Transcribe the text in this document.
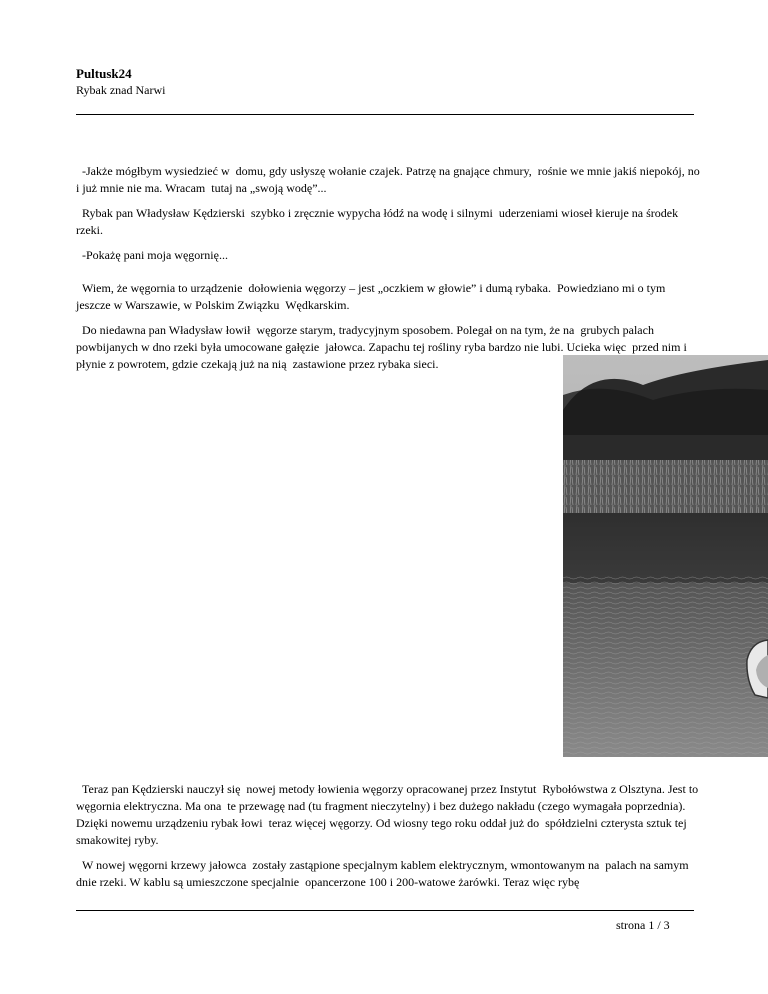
Pultusk24
Rybak znad Narwi

-Jakże mógłbym wysiedzieć w  domu, gdy usłyszę wołanie czajek. Patrzę na gnające chmury,  rośnie we mnie jakiś niepokój, no i już mnie nie ma. Wracam  tutaj na „swoją wodę”...

Rybak pan Władysław Kędzierski  szybko i zręcznie wypycha łódź na wodę i silnymi  uderzeniami wioseł kieruje na środek rzeki.

-Pokażę pani moja węgornię...

Wiem, że węgornia to urządzenie  dołowienia węgorzy – jest „oczkiem w głowie” i dumą rybaka.  Powiedziano mi o tym jeszcze w Warszawie, w Polskim Związku  Wędkarskim.

Do niedawna pan Władysław łowił  węgorze starym, tradycyjnym sposobem. Polegał on na tym, że na  grubych palach powbijanych w dno rzeki była umocowane gałęzie  jałowca. Zapachu tej rośliny ryba bardzo nie lubi. Ucieka więc  przed nim i płynie z powrotem, gdzie czekają już na nią  zastawione przez rybaka sieci.

Teraz pan Kędzierski nauczył się  nowej metody łowienia węgorzy opracowanej przez Instytut  Rybołówstwa z Olsztyna. Jest to węgornia elektryczna. Ma ona  te przewagę nad (tu fragment nieczytelny) i bez dużego nakładu (czego wymagała poprzednia). Dzięki nowemu urządzeniu rybak łowi  teraz więcej węgorzy. Od wiosny tego roku oddał już do  spółdzielni czterysta sztuk tej smakowitej ryby.

W nowej węgorni krzewy jałowca  zostały zastąpione specjalnym kablem elektrycznym, wmontowanym na  palach na samym dnie rzeki. W kablu są umieszczone specjalnie  opancerzone 100 i 200-watowe żarówki. Teraz więc rybę

strona 1 / 3
